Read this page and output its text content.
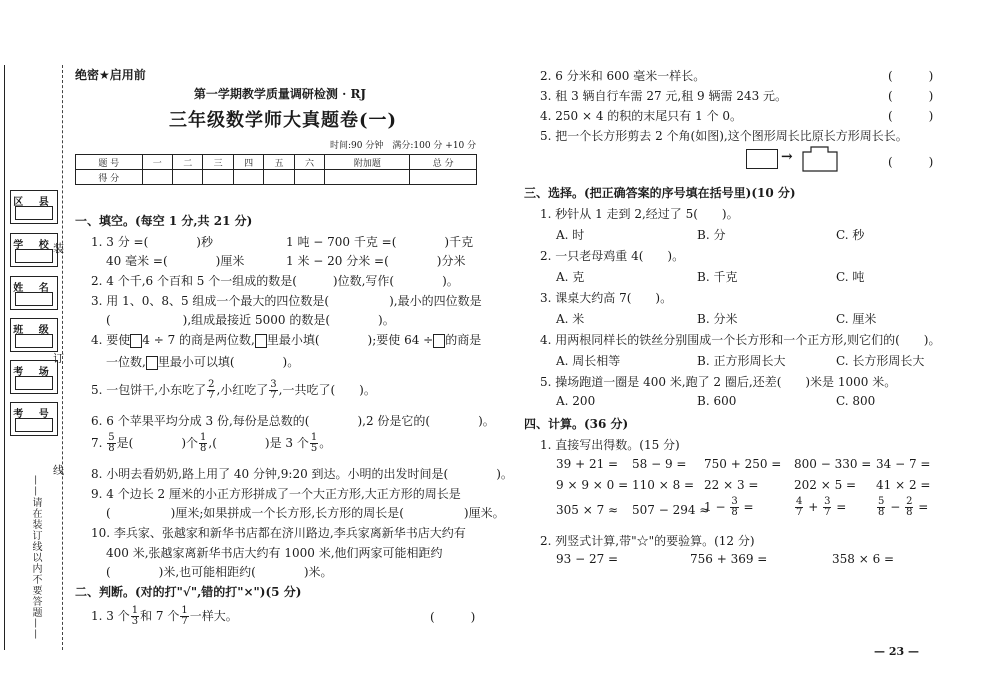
区 县
学 校
姓 名
班 级
考 场
考 号
装
订
线
——请在装订线以内不要答题——
绝密★启用前
第一学期教学质量调研检测 · RJ
三年级数学师大真题卷(一)
时间:90 分钟　满分:100 分 +10 分
题 号	一	二	三	四	五	六	附加题	总 分
得 分								
一、填空。(每空 1 分,共 21 分)
1. 3 分 =(　　　　)秒	1 吨 − 700 千克 =(　　　　)千克
40 毫米 =(　　　　)厘米	1 米 − 20 分米 =(　　　　)分米
2. 4 个千,6 个百和 5 个一组成的数是(　　　)位数,写作(　　　　)。
3. 用 1、0、8、5 组成一个最大的四位数是(　　　　　),最小的四位数是
(　　　　　　),组成最接近 5000 的数是(　　　　)。
4. 要使 4 ÷ 7 的商是两位数, 里最小填(　　　　);要使 64 ÷ 的商是
一位数, 里最小可以填(　　　　)。
5. 一包饼干,小东吃了 $\frac{2}{7}$ ,小红吃了 $\frac{3}{7}$ ,一共吃了(　　)。
6. 6 个苹果平均分成 3 份,每份是总数的(　　　　),2 份是它的(　　　　)。
7. $\frac{5}{8}$ 是(　　　　)个 $\frac{1}{8}$ ,(　　　　)是 3 个 $\frac{1}{5}$ 。
8. 小明去看奶奶,路上用了 40 分钟,9:20 到达。小明的出发时间是(　　　　)。
9. 4 个边长 2 厘米的小正方形拼成了一个大正方形,大正方形的周长是
(　　　　　)厘米;如果拼成一个长方形,长方形的周长是(　　　　　)厘米。
10. 李兵家、张越家和新华书店都在济川路边,李兵家离新华书店大约有
400 米,张越家离新华书店大约有 1000 米,他们两家可能相距约
(　　　　)米,也可能相距约(　　　　)米。
二、判断。(对的打"√",错的打"×")(5 分)
1. 3 个 $\frac{1}{3}$ 和 7 个 $\frac{1}{7}$ 一样大。	(　　　)
2. 6 分米和 600 毫米一样长。	(　　　)
3. 租 3 辆自行车需 27 元,租 9 辆需 243 元。	(　　　)
4. 250 × 4 的积的末尾只有 1 个 0。	(　　　)
5. 把一个长方形剪去 2 个角(如图),这个图形周长比原长方形周长长。
→	(　　　)
三、选择。(把正确答案的序号填在括号里)(10 分)
1. 秒针从 1 走到 2,经过了 5(　　)。
A. 时	B. 分	C. 秒
2. 一只老母鸡重 4(　　)。
A. 克	B. 千克	C. 吨
3. 课桌大约高 7(　　)。
A. 米	B. 分米	C. 厘米
4. 用两根同样长的铁丝分别围成一个长方形和一个正方形,则它们的(　　)。
A. 周长相等	B. 正方形周长大	C. 长方形周长大
5. 操场跑道一圈是 400 米,跑了 2 圈后,还差(　　)米是 1000 米。
A. 200	B. 600	C. 800
四、计算。(36 分)
1. 直接写出得数。(15 分)
39 + 21 = 58 − 9 = 750 + 250 = 800 − 330 = 34 − 7 =
9 × 9 × 0 = 110 × 8 = 22 × 3 =	202 × 5 = 41 × 2 =
305 × 7 ≈ 507 − 294 ≈
$1 - \frac{3}{8}$ =	$\frac{4}{7} + \frac{3}{7}$ =	$\frac{5}{8} - \frac{2}{8}$ =
2. 列竖式计算,带"☆"的要验算。(12 分)
93 − 27 =	756 + 369 =	358 × 6 =
— 23 —
